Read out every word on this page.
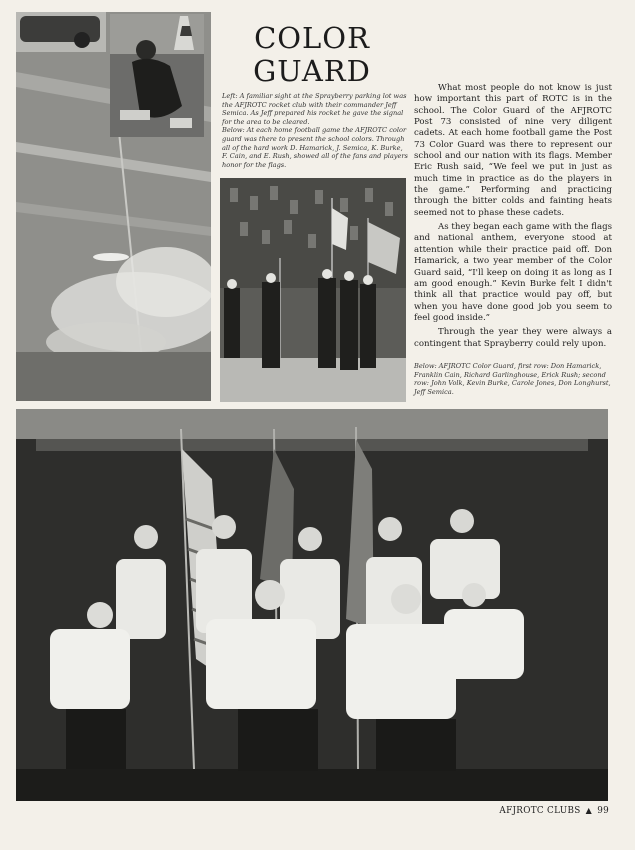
COLOR
GUARD

Left: A familiar sight at the Sprayberry parking lot was the AFJROTC rocket club with their commander Jeff Semica. As Jeff prepared his rocket he gave the signal for the area to be cleared.

Below: At each home football game the AFJROTC color guard was there to present the school colors. Through all of the hard work D. Hamarick, J. Semica, K. Burke, F. Cain, and E. Rush, showed all of the fans and players honor for the flags.

What most people do not know is just how important this part of ROTC is in the school. The Color Guard of the AFJROTC Post 73 consisted of nine very diligent cadets. At each home football game the Post 73 Color Guard was there to represent our school and our nation with its flags. Member Eric Rush said, “We feel we put in just as much time in practice as do the players in the game.” Performing and practicing through the bitter colds and fainting heats seemed not to phase these cadets.

As they began each game with the flags and national anthem, everyone stood at attention while their practice paid off. Don Hamarick, a two year member of the Color Guard said, “I'll keep on doing it as long as I am good enough.” Kevin Burke felt I didn't think all that practice would pay off, but when you have done good job you seem to feel good inside.”

Through the year they were always a contingent that Sprayberry could rely upon.

Below: AFJROTC Color Guard, first row: Don Hamarick, Franklin Cain, Richard Garlinghouse, Erick Rush; second row: John Volk, Kevin Burke, Carole Jones, Don Longhurst, Jeff Semica.

AFJROTC CLUBS ▲ 99
